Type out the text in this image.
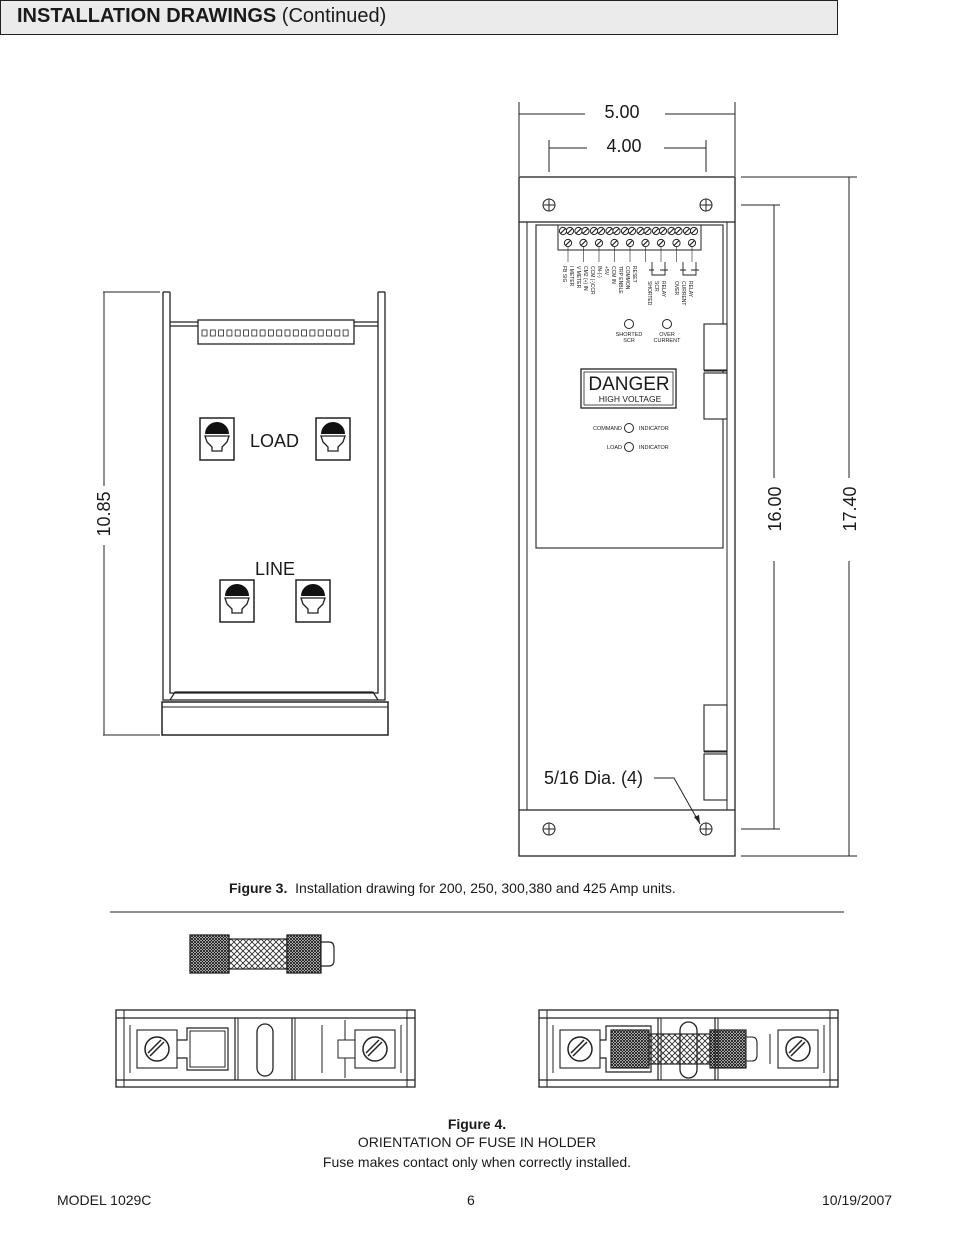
INSTALLATION DRAWINGS (Continued)
10.85
LOAD
LINE
5.00
4.00
FB SIG I METER V METER CM2 (+) IN CCM (-)CCR IN-(-) +5V CCM IN TRP ENBLE COMMON RESET
SHORTED SCR RELAY OVER CURRENT RELAY
SHORTED
SCR
OVER
CURRENT
DANGER
HIGH VOLTAGE
COMMAND	INDICATOR
LOAD	INDICATOR
16.00	17.40
5/16 Dia. (4)
Figure 3. Installation drawing for 200, 250, 300,380 and 425 Amp units.
Figure 4.
ORIENTATION OF FUSE IN HOLDER
Fuse makes contact only when correctly installed.
MODEL 1029C	6	10/19/2007
